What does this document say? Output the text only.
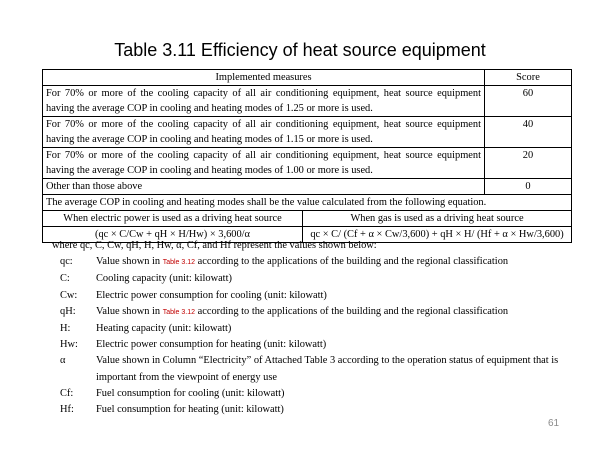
Table 3.11 Efficiency of heat source equipment
Implemented measures		Score
For 70% or more of the cooling capacity of all air conditioning equipment, heat source equipment having the average COP in cooling and heating modes of 1.25 or more is used.		60
For 70% or more of the cooling capacity of all air conditioning equipment, heat source equipment having the average COP in cooling and heating modes of 1.15 or more is used.		40
For 70% or more of the cooling capacity of all air conditioning equipment, heat source equipment having the average COP in cooling and heating modes of 1.00 or more is used.		20
Other than those above		0
The average COP in cooling and heating modes shall be the value calculated from the following equation.		
When electric power is used as a driving heat source	When gas is used as a driving heat source	
(qc × C/Cw + qH × H/Hw) × 3,600/α	qc × C/ (Cf + α × Cw/3,600) + qH × H/ (Hf + α × Hw/3,600)	

where qc, C, Cw, qH, H, Hw, α, Cf, and Hf represent the values shown below:

qc:	Value shown in Table 3.12 according to the applications of the building and the regional classification
C:	Cooling capacity (unit: kilowatt)
Cw:	Electric power consumption for cooling (unit: kilowatt)
qH:	Value shown in Table 3.12 according to the applications of the building and the regional classification
H:	Heating capacity (unit: kilowatt)
Hw:	Electric power consumption for heating (unit: kilowatt)
α	Value shown in Column “Electricity” of Attached Table 3 according to the operation status of equipment that is important from the viewpoint of energy use
Cf:	Fuel consumption for cooling (unit: kilowatt)
Hf:	Fuel consumption for heating (unit: kilowatt)
61
